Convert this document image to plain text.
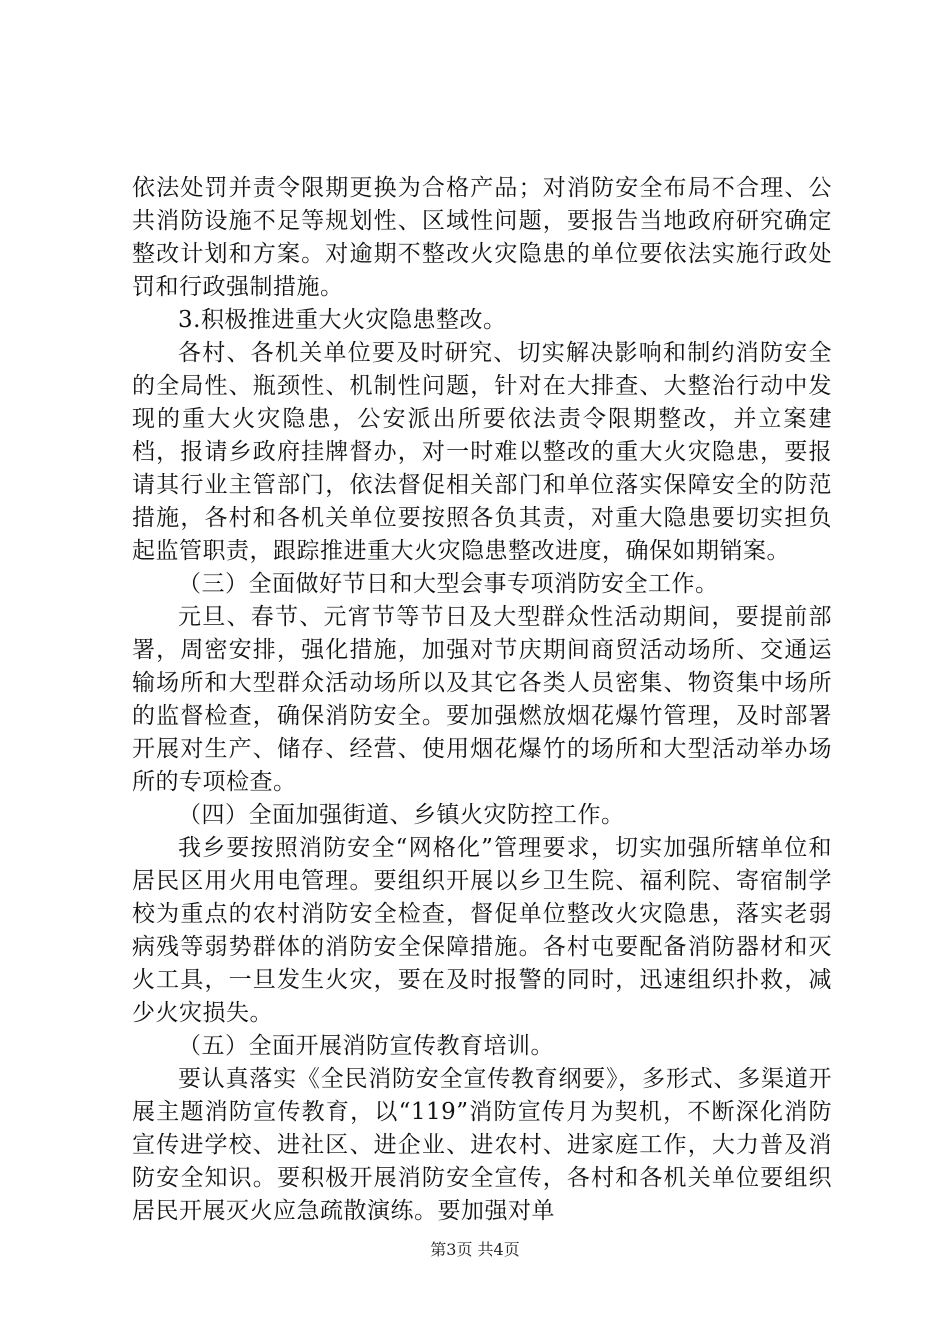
依法处罚并责令限期更换为合格产品；对消防安全布局不合理、公共消防设施不足等规划性、区域性问题，要报告当地政府研究确定整改计划和方案。对逾期不整改火灾隐患的单位要依法实施行政处罚和行政强制措施。

3.积极推进重大火灾隐患整改。

各村、各机关单位要及时研究、切实解决影响和制约消防安全的全局性、瓶颈性、机制性问题，针对在大排查、大整治行动中发现的重大火灾隐患，公安派出所要依法责令限期整改，并立案建档，报请乡政府挂牌督办，对一时难以整改的重大火灾隐患，要报请其行业主管部门，依法督促相关部门和单位落实保障安全的防范措施，各村和各机关单位要按照各负其责，对重大隐患要切实担负起监管职责，跟踪推进重大火灾隐患整改进度，确保如期销案。

（三）全面做好节日和大型会事专项消防安全工作。

元旦、春节、元宵节等节日及大型群众性活动期间，要提前部署，周密安排，强化措施，加强对节庆期间商贸活动场所、交通运输场所和大型群众活动场所以及其它各类人员密集、物资集中场所的监督检查，确保消防安全。要加强燃放烟花爆竹管理，及时部署开展对生产、储存、经营、使用烟花爆竹的场所和大型活动举办场所的专项检查。

（四）全面加强街道、乡镇火灾防控工作。

我乡要按照消防安全“网格化”管理要求，切实加强所辖单位和居民区用火用电管理。要组织开展以乡卫生院、福利院、寄宿制学校为重点的农村消防安全检查，督促单位整改火灾隐患，落实老弱病残等弱势群体的消防安全保障措施。各村屯要配备消防器材和灭火工具，一旦发生火灾，要在及时报警的同时，迅速组织扑救，减少火灾损失。

（五）全面开展消防宣传教育培训。

要认真落实《全民消防安全宣传教育纲要》，多形式、多渠道开展主题消防宣传教育，以“119”消防宣传月为契机，不断深化消防宣传进学校、进社区、进企业、进农村、进家庭工作，大力普及消防安全知识。要积极开展消防安全宣传，各村和各机关单位要组织居民开展灭火应急疏散演练。要加强对单

第3页 共4页
